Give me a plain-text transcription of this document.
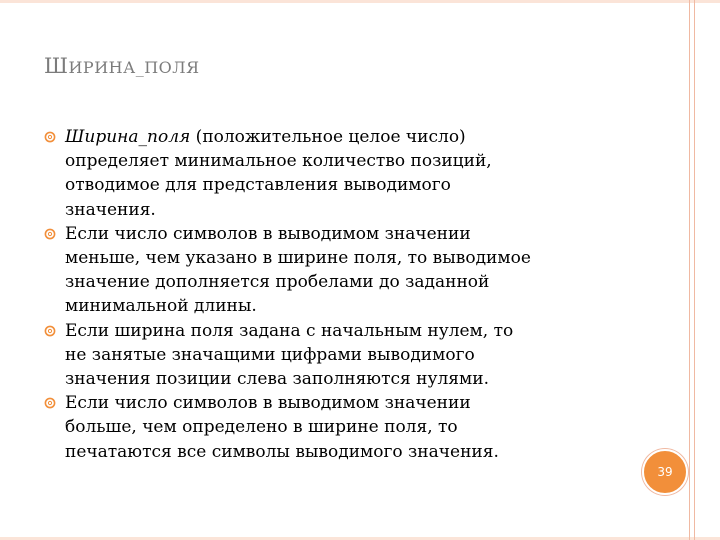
ШИРИНА_ПОЛЯ
Ширина_поля (положительное целое число)
определяет минимальное количество позиций,
отводимое для представления выводимого
значения.
Если число символов в выводимом значении
меньше, чем указано в ширине поля, то выводимое
значение дополняется пробелами до заданной
минимальной длины.
Если ширина поля задана с начальным нулем, то
не занятые значащими цифрами выводимого
значения позиции слева заполняются нулями.
Если число символов в выводимом значении
больше, чем определено в ширине поля, то
печатаются все символы выводимого значения.
39
